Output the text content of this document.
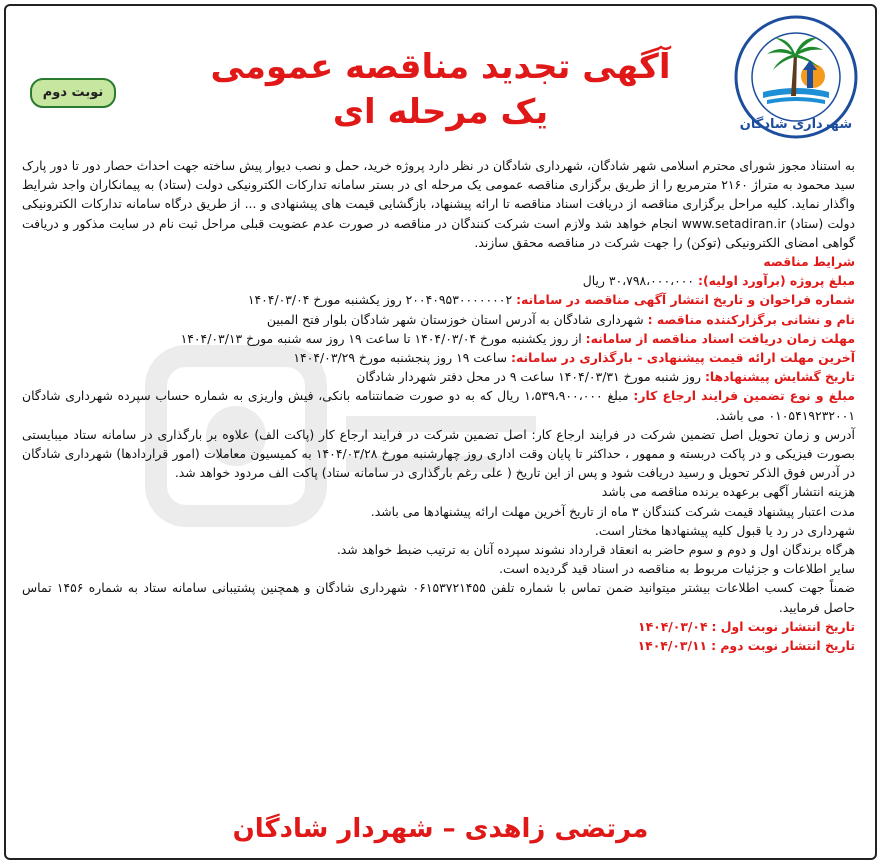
شهرداری شادگان
نوبت دوم
آگهی تجدید مناقصه عمومی
یک مرحله ای

به استناد مجوز شورای محترم اسلامی شهر شادگان، شهرداری شادگان در نظر دارد پروژه خرید، حمل و نصب دیوار پیش ساخته جهت احداث حصار دور تا دور پارک سید محمود به متراژ ۲۱۶۰ مترمربع را از طریق برگزاری مناقصه عمومی یک مرحله ای در بستر سامانه تدارکات الکترونیکی دولت (ستاد) به پیمانکاران واجد شرایط واگذار نماید. کلیه مراحل برگزاری مناقصه از دریافت اسناد مناقصه تا ارائه پیشنهاد، بازگشایی قیمت های پیشنهادی و ... از طریق درگاه سامانه تدارکات الکترونیکی دولت (ستاد) www.setadiran.ir انجام خواهد شد ولازم است شرکت کنندگان در مناقصه در صورت عدم عضویت قبلی مراحل ثبت نام در سایت مذکور و دریافت گواهی امضای الکترونیکی (توکن) را جهت شرکت در مناقصه محقق سازند.

شرایط مناقصه

مبلغ پروژه (برآورد اولیه): ۳۰،۷۹۸،۰۰۰،۰۰۰ ریال

شماره فراخوان و تاریخ انتشار آگهی مناقصه در سامانه: ۲۰۰۴۰۹۵۳۰۰۰۰۰۰۰۲ روز یکشنبه مورخ ۱۴۰۴/۰۳/۰۴

نام و نشانی برگزارکننده مناقصه : شهرداری شادگان به آدرس استان خوزستان شهر شادگان بلوار فتح المبین

مهلت زمان دریافت اسناد مناقصه از سامانه: از روز یکشنبه مورخ ۱۴۰۴/۰۳/۰۴ تا ساعت ۱۹ روز سه شنبه مورخ ۱۴۰۴/۰۳/۱۳

آخرین مهلت ارائه قیمت پیشنهادی - بارگذاری در سامانه: ساعت ۱۹ روز پنجشنبه مورخ ۱۴۰۴/۰۳/۲۹

تاریخ گشایش پیشنهادها: روز شنبه مورخ ۱۴۰۴/۰۳/۳۱ ساعت ۹ در محل دفتر شهردار شادگان

مبلغ و نوع تضمین فرایند ارجاع کار: مبلغ ۱،۵۳۹،۹۰۰،۰۰۰ ریال که به دو صورت ضمانتنامه بانکی، فیش واریزی به شماره حساب سپرده شهرداری شادگان ۰۱۰۵۴۱۹۲۳۲۰۰۱ می باشد.

آدرس و زمان تحویل اصل تضمین شرکت در فرایند ارجاع کار: اصل تضمین شرکت در فرایند ارجاع کار (پاکت الف) علاوه بر بارگذاری در سامانه ستاد میبایستی بصورت فیزیکی و در پاکت دربسته و ممهور ، حداکثر تا پایان وقت اداری روز چهارشنبه مورخ ۱۴۰۴/۰۳/۲۸ به کمیسیون معاملات (امور قراردادها) شهرداری شادگان در آدرس فوق الذکر تحویل و رسید دریافت شود و پس از این تاریخ ( علی رغم بارگذاری در سامانه ستاد) پاکت الف مردود خواهد شد.

هزینه انتشار آگهی برعهده برنده مناقصه می باشد

مدت اعتبار پیشنهاد قیمت شرکت کنندگان ۳ ماه از تاریخ آخرین مهلت ارائه پیشنهادها می باشد.

شهرداری در رد یا قبول کلیه پیشنهادها مختار است.

هرگاه برندگان اول و دوم و سوم حاضر به انعقاد قرارداد نشوند سپرده آنان به ترتیب ضبط خواهد شد.

سایر اطلاعات و جزئیات مربوط به مناقصه در اسناد قید گردیده است.

ضمناً جهت کسب اطلاعات بیشتر میتوانید ضمن تماس با شماره تلفن ۰۶۱۵۳۷۲۱۴۵۵ شهرداری شادگان و همچنین پشتیبانی سامانه ستاد به شماره ۱۴۵۶ تماس حاصل فرمایید.

تاریخ انتشار نوبت اول : ۱۴۰۴/۰۳/۰۴

تاریخ انتشار نوبت دوم : ۱۴۰۴/۰۳/۱۱

مرتضی زاهدی – شهردار شادگان
